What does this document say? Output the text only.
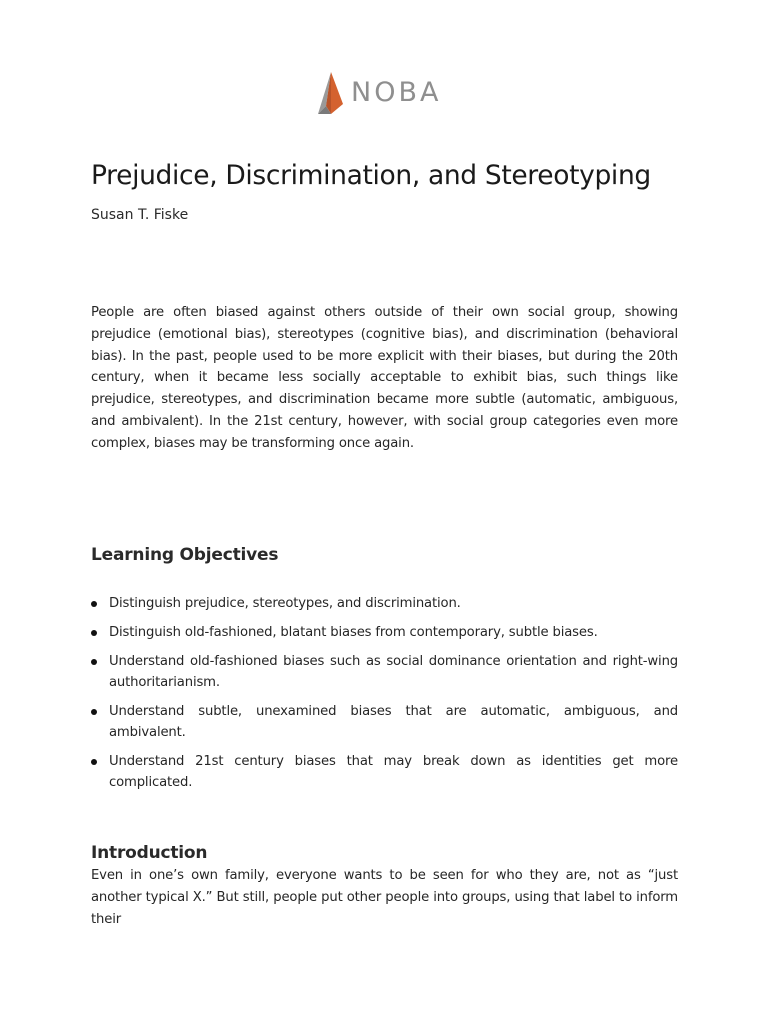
NOBA
Prejudice, Discrimination, and Stereotyping
Susan T. Fiske

People are often biased against others outside of their own social group, showing prejudice (emotional bias), stereotypes (cognitive bias), and discrimination (behavioral bias). In the past, people used to be more explicit with their biases, but during the 20th century, when it became less socially acceptable to exhibit bias, such things like prejudice, stereotypes, and discrimination became more subtle (automatic, ambiguous, and ambivalent). In the 21st century, however, with social group categories even more complex, biases may be transforming once again.

Learning Objectives
Distinguish prejudice, stereotypes, and discrimination.
Distinguish old-fashioned, blatant biases from contemporary, subtle biases.
Understand old-fashioned biases such as social dominance orientation and right-wing authoritarianism.
Understand subtle, unexamined biases that are automatic, ambiguous, and ambivalent.
Understand 21st century biases that may break down as identities get more complicated.
Introduction

Even in one’s own family, everyone wants to be seen for who they are, not as “just another typical X.” But still, people put other people into groups, using that label to inform their
